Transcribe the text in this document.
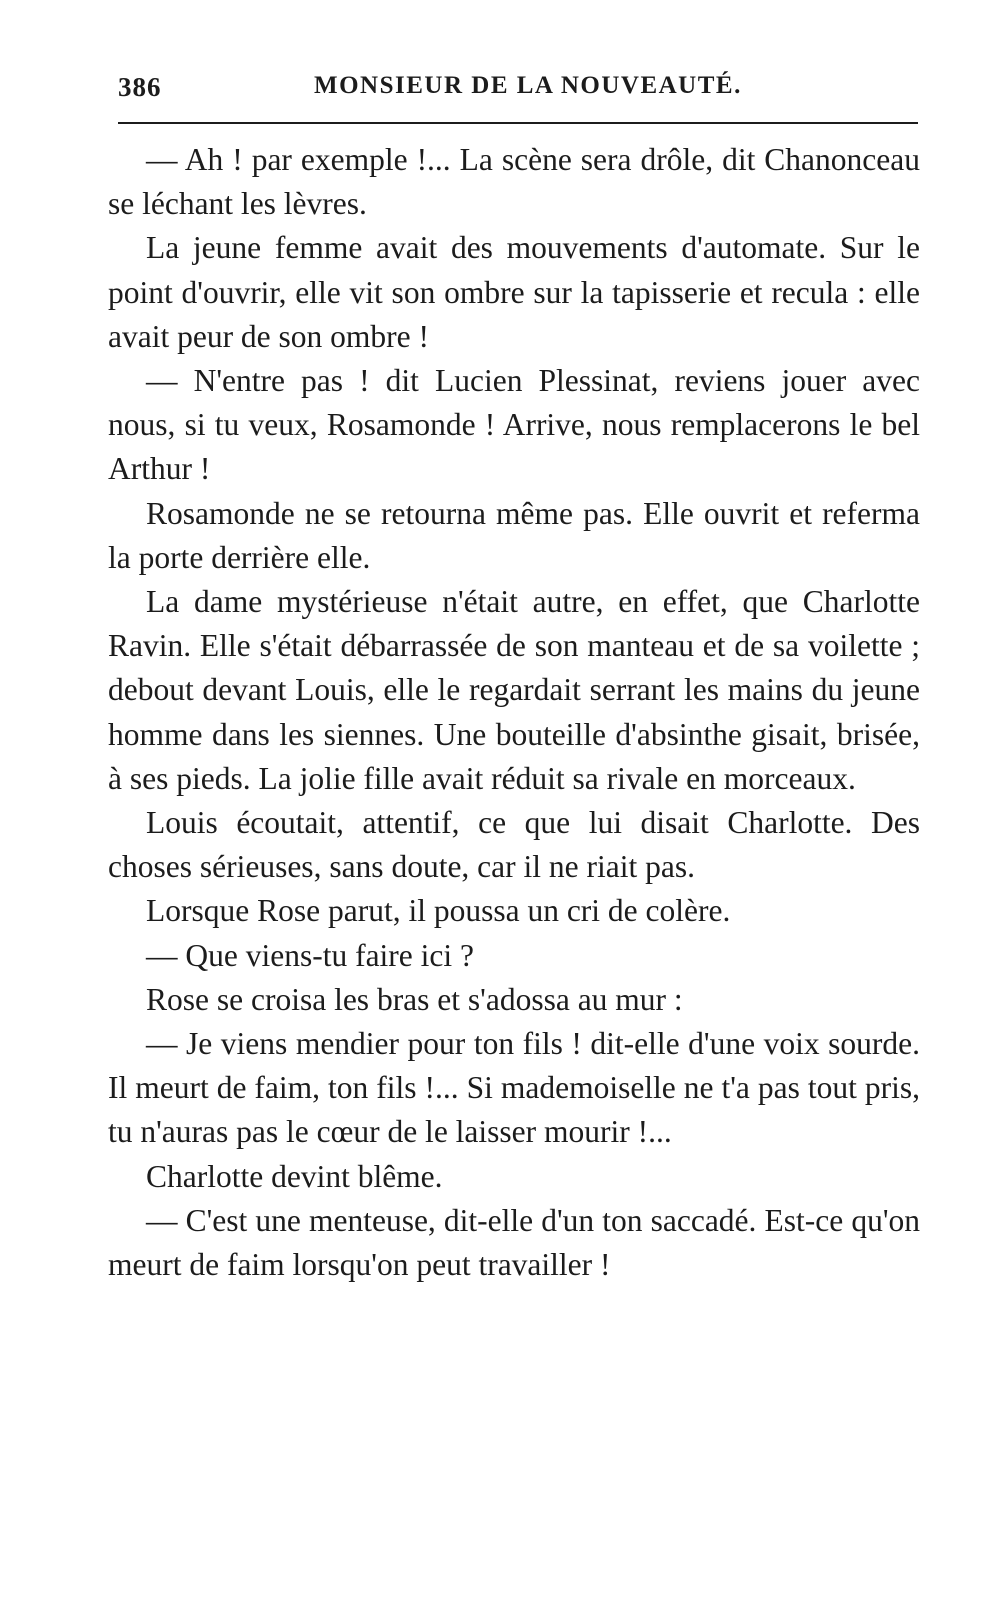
386	MONSIEUR DE LA NOUVEAUTÉ.

— Ah ! par exemple !... La scène sera drôle, dit Chanonceau se léchant les lèvres.

La jeune femme avait des mouvements d'automate. Sur le point d'ouvrir, elle vit son ombre sur la tapisserie et recula : elle avait peur de son ombre !

— N'entre pas ! dit Lucien Plessinat, reviens jouer avec nous, si tu veux, Rosamonde ! Arrive, nous remplacerons le bel Arthur !

Rosamonde ne se retourna même pas. Elle ouvrit et referma la porte derrière elle.

La dame mystérieuse n'était autre, en effet, que Charlotte Ravin. Elle s'était débarrassée de son manteau et de sa voilette ; debout devant Louis, elle le regardait serrant les mains du jeune homme dans les siennes. Une bouteille d'absinthe gisait, brisée, à ses pieds. La jolie fille avait réduit sa rivale en morceaux.

Louis écoutait, attentif, ce que lui disait Charlotte. Des choses sérieuses, sans doute, car il ne riait pas.

Lorsque Rose parut, il poussa un cri de colère.

— Que viens-tu faire ici ?

Rose se croisa les bras et s'adossa au mur :

— Je viens mendier pour ton fils ! dit-elle d'une voix sourde. Il meurt de faim, ton fils !... Si mademoiselle ne t'a pas tout pris, tu n'auras pas le cœur de le laisser mourir !...

Charlotte devint blême.

— C'est une menteuse, dit-elle d'un ton saccadé. Est-ce qu'on meurt de faim lorsqu'on peut travailler !
